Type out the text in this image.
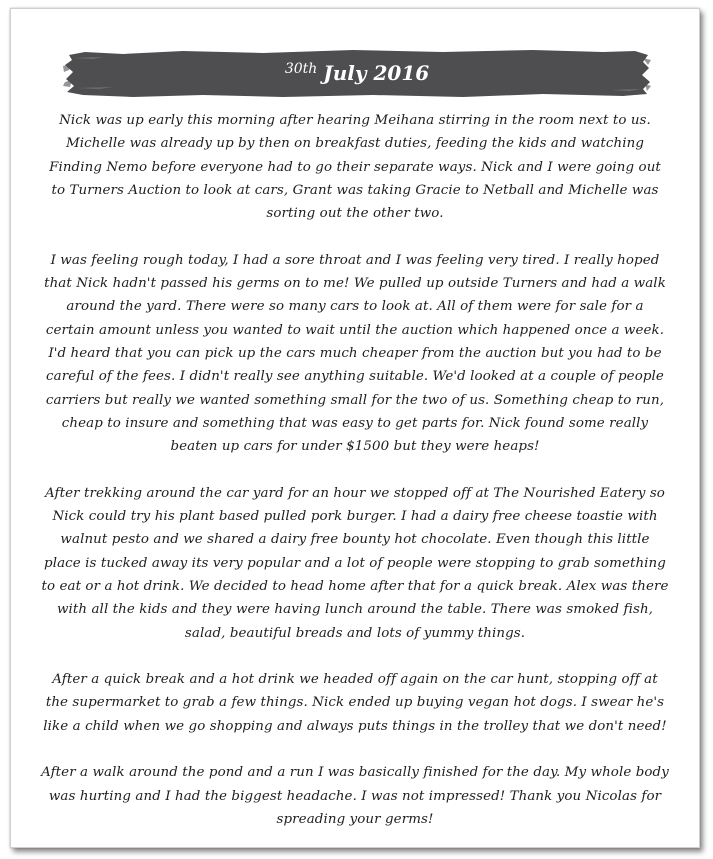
30th July 2016

Nick was up early this morning after hearing Meihana stirring in the room next to us. Michelle was already up by then on breakfast duties, feeding the kids and watching Finding Nemo before everyone had to go their separate ways. Nick and I were going out to Turners Auction to look at cars, Grant was taking Gracie to Netball and Michelle was sorting out the other two.

I was feeling rough today, I had a sore throat and I was feeling very tired. I really hoped that Nick hadn't passed his germs on to me! We pulled up outside Turners and had a walk around the yard. There were so many cars to look at. All of them were for sale for a certain amount unless you wanted to wait until the auction which happened once a week. I'd heard that you can pick up the cars much cheaper from the auction but you had to be careful of the fees. I didn't really see anything suitable. We'd looked at a couple of people carriers but really we wanted something small for the two of us. Something cheap to run, cheap to insure and something that was easy to get parts for. Nick found some really beaten up cars for under $1500 but they were heaps!

After trekking around the car yard for an hour we stopped off at The Nourished Eatery so Nick could try his plant based pulled pork burger. I had a dairy free cheese toastie with walnut pesto and we shared a dairy free bounty hot chocolate. Even though this little place is tucked away its very popular and a lot of people were stopping to grab something to eat or a hot drink. We decided to head home after that for a quick break. Alex was there with all the kids and they were having lunch around the table. There was smoked fish, salad, beautiful breads and lots of yummy things.

After a quick break and a hot drink we headed off again on the car hunt, stopping off at the supermarket to grab a few things. Nick ended up buying vegan hot dogs. I swear he's like a child when we go shopping and always puts things in the trolley that we don't need!

After a walk around the pond and a run I was basically finished for the day. My whole body was hurting and I had the biggest headache. I was not impressed! Thank you Nicolas for spreading your germs!
